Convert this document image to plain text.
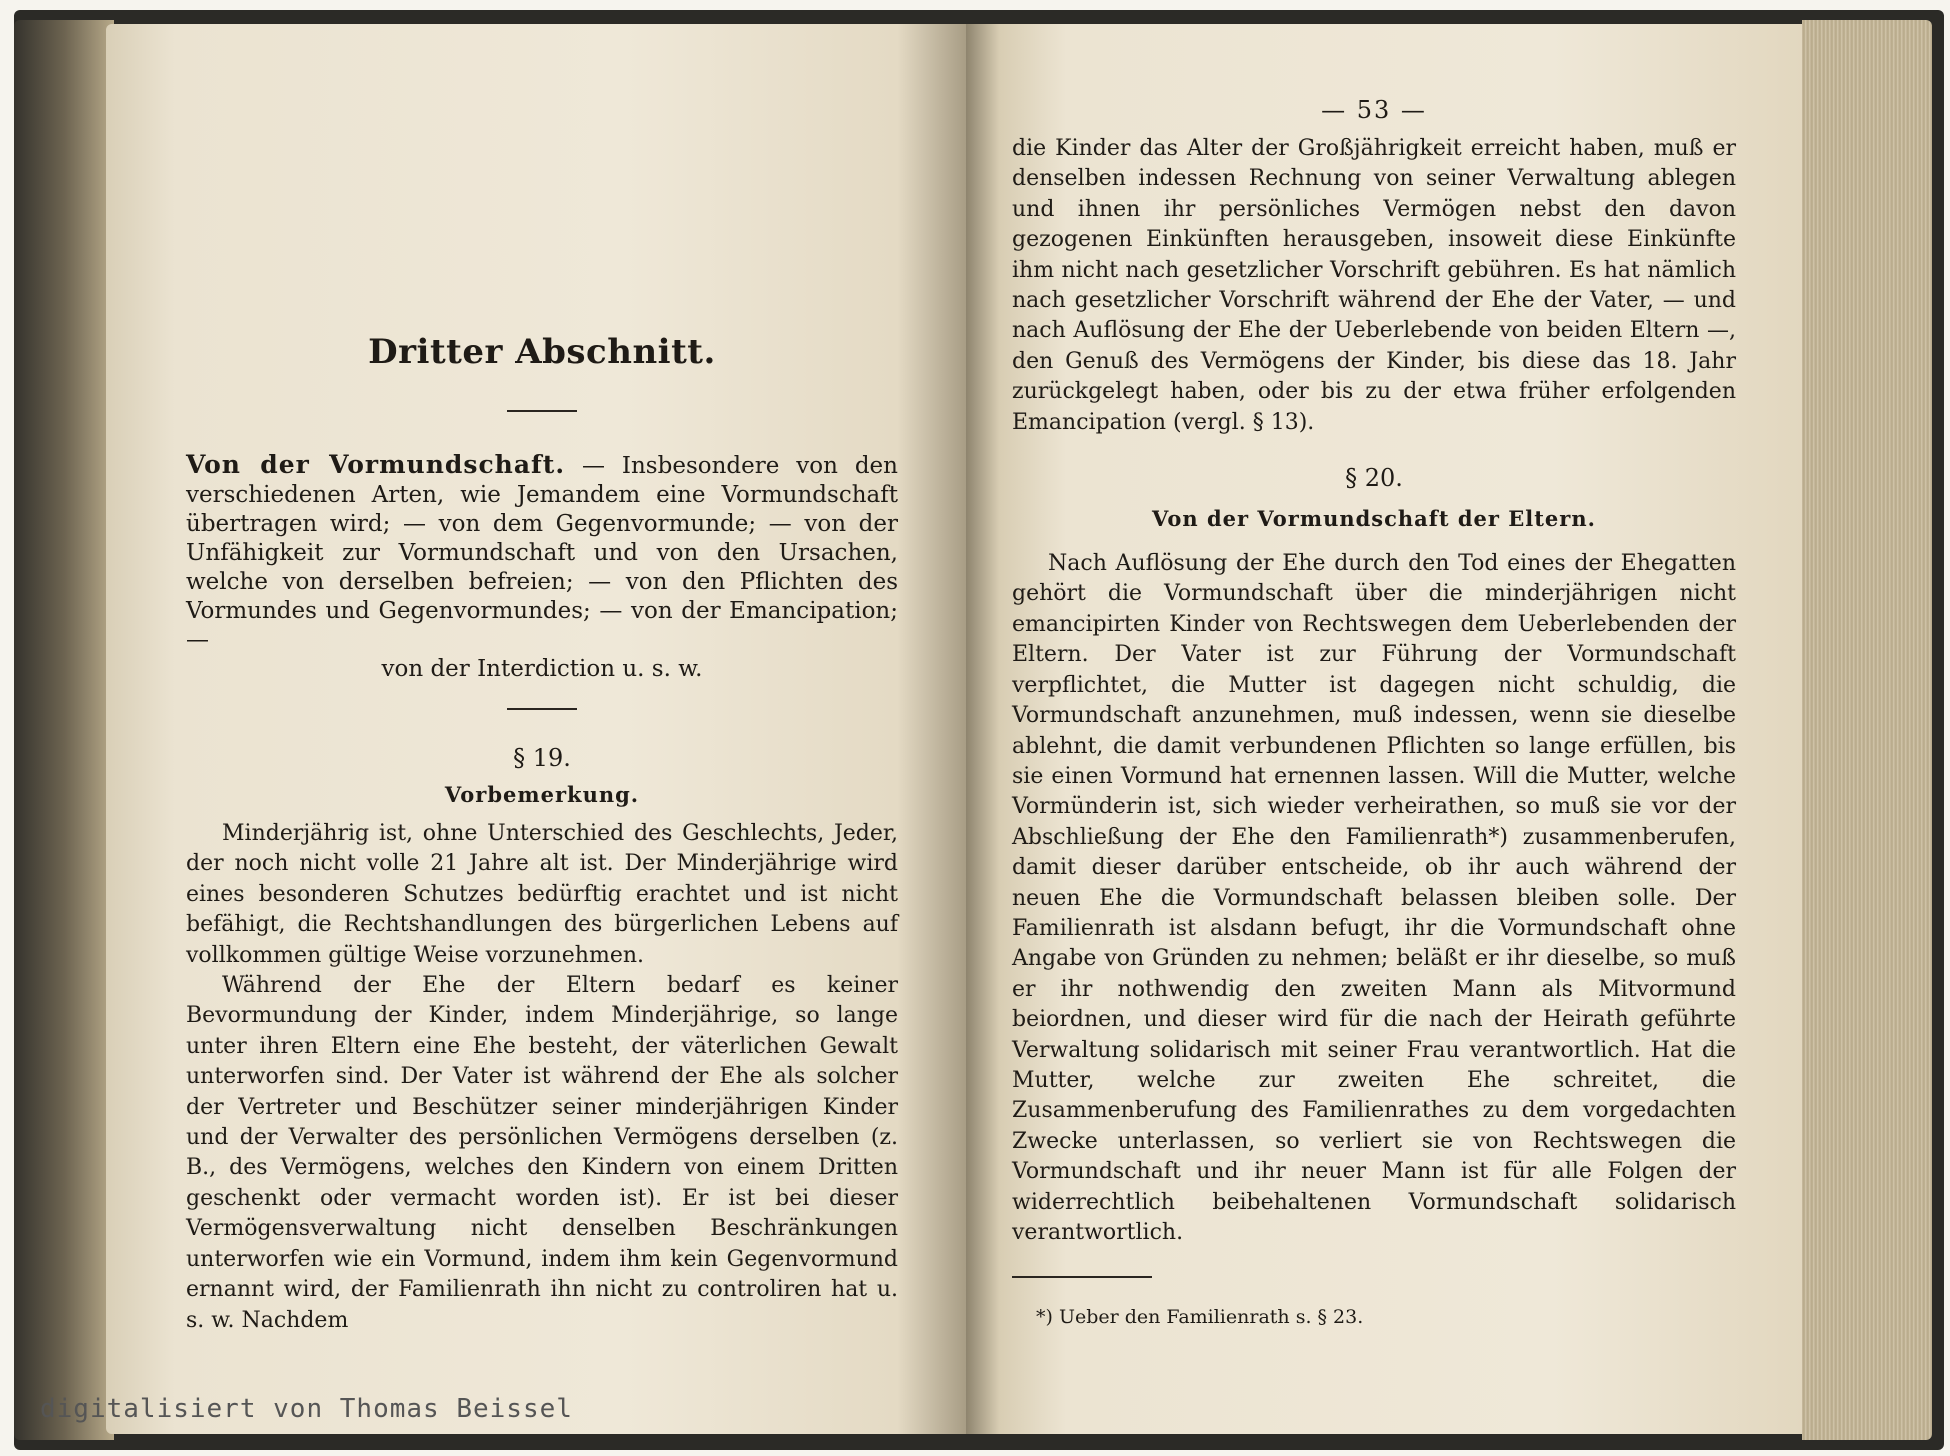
Dritter Abschnitt.

Von der Vormundschaft. — Insbesondere von den verschiedenen Arten, wie Jemandem eine Vormundschaft übertragen wird; — von dem Gegenvormunde; — von der Unfähigkeit zur Vormundschaft und von den Ursachen, welche von derselben befreien; — von den Pflichten des Vormundes und Gegenvormundes; — von der Emancipation; —

von der Interdiction u. s. w.

§ 19.

Vorbemerkung.

Minderjährig ist, ohne Unterschied des Geschlechts, Jeder, der noch nicht volle 21 Jahre alt ist. Der Minderjährige wird eines besonderen Schutzes bedürftig erachtet und ist nicht befähigt, die Rechtshandlungen des bürgerlichen Lebens auf vollkommen gültige Weise vorzunehmen.

Während der Ehe der Eltern bedarf es keiner Bevormundung der Kinder, indem Minderjährige, so lange unter ihren Eltern eine Ehe besteht, der väterlichen Gewalt unterworfen sind. Der Vater ist während der Ehe als solcher der Vertreter und Beschützer seiner minderjährigen Kinder und der Verwalter des persönlichen Vermögens derselben (z. B., des Vermögens, welches den Kindern von einem Dritten geschenkt oder vermacht worden ist). Er ist bei dieser Vermögensverwaltung nicht denselben Beschränkungen unterworfen wie ein Vormund, indem ihm kein Gegenvormund ernannt wird, der Familienrath ihn nicht zu controliren hat u. s. w. Nachdem

— 53 —

die Kinder das Alter der Großjährigkeit erreicht haben, muß er denselben indessen Rechnung von seiner Verwaltung ablegen und ihnen ihr persönliches Vermögen nebst den davon gezogenen Einkünften herausgeben, insoweit diese Einkünfte ihm nicht nach gesetzlicher Vorschrift gebühren. Es hat nämlich nach gesetzlicher Vorschrift während der Ehe der Vater, — und nach Auflösung der Ehe der Ueberlebende von beiden Eltern —, den Genuß des Vermögens der Kinder, bis diese das 18. Jahr zurückgelegt haben, oder bis zu der etwa früher erfolgenden Emancipation (vergl. § 13).

§ 20.

Von der Vormundschaft der Eltern.

Nach Auflösung der Ehe durch den Tod eines der Ehegatten gehört die Vormundschaft über die minderjährigen nicht emancipirten Kinder von Rechtswegen dem Ueberlebenden der Eltern. Der Vater ist zur Führung der Vormundschaft verpflichtet, die Mutter ist dagegen nicht schuldig, die Vormundschaft anzunehmen, muß indessen, wenn sie dieselbe ablehnt, die damit verbundenen Pflichten so lange erfüllen, bis sie einen Vormund hat ernennen lassen. Will die Mutter, welche Vormünderin ist, sich wieder verheirathen, so muß sie vor der Abschließung der Ehe den Familienrath*) zusammenberufen, damit dieser darüber entscheide, ob ihr auch während der neuen Ehe die Vormundschaft belassen bleiben solle. Der Familienrath ist alsdann befugt, ihr die Vormundschaft ohne Angabe von Gründen zu nehmen; beläßt er ihr dieselbe, so muß er ihr nothwendig den zweiten Mann als Mitvormund beiordnen, und dieser wird für die nach der Heirath geführte Verwaltung solidarisch mit seiner Frau verantwortlich. Hat die Mutter, welche zur zweiten Ehe schreitet, die Zusammenberufung des Familienrathes zu dem vorgedachten Zwecke unterlassen, so verliert sie von Rechtswegen die Vormundschaft und ihr neuer Mann ist für alle Folgen der widerrechtlich beibehaltenen Vormundschaft solidarisch verantwortlich.

*) Ueber den Familienrath s. § 23.

digitalisiert von Thomas Beissel
